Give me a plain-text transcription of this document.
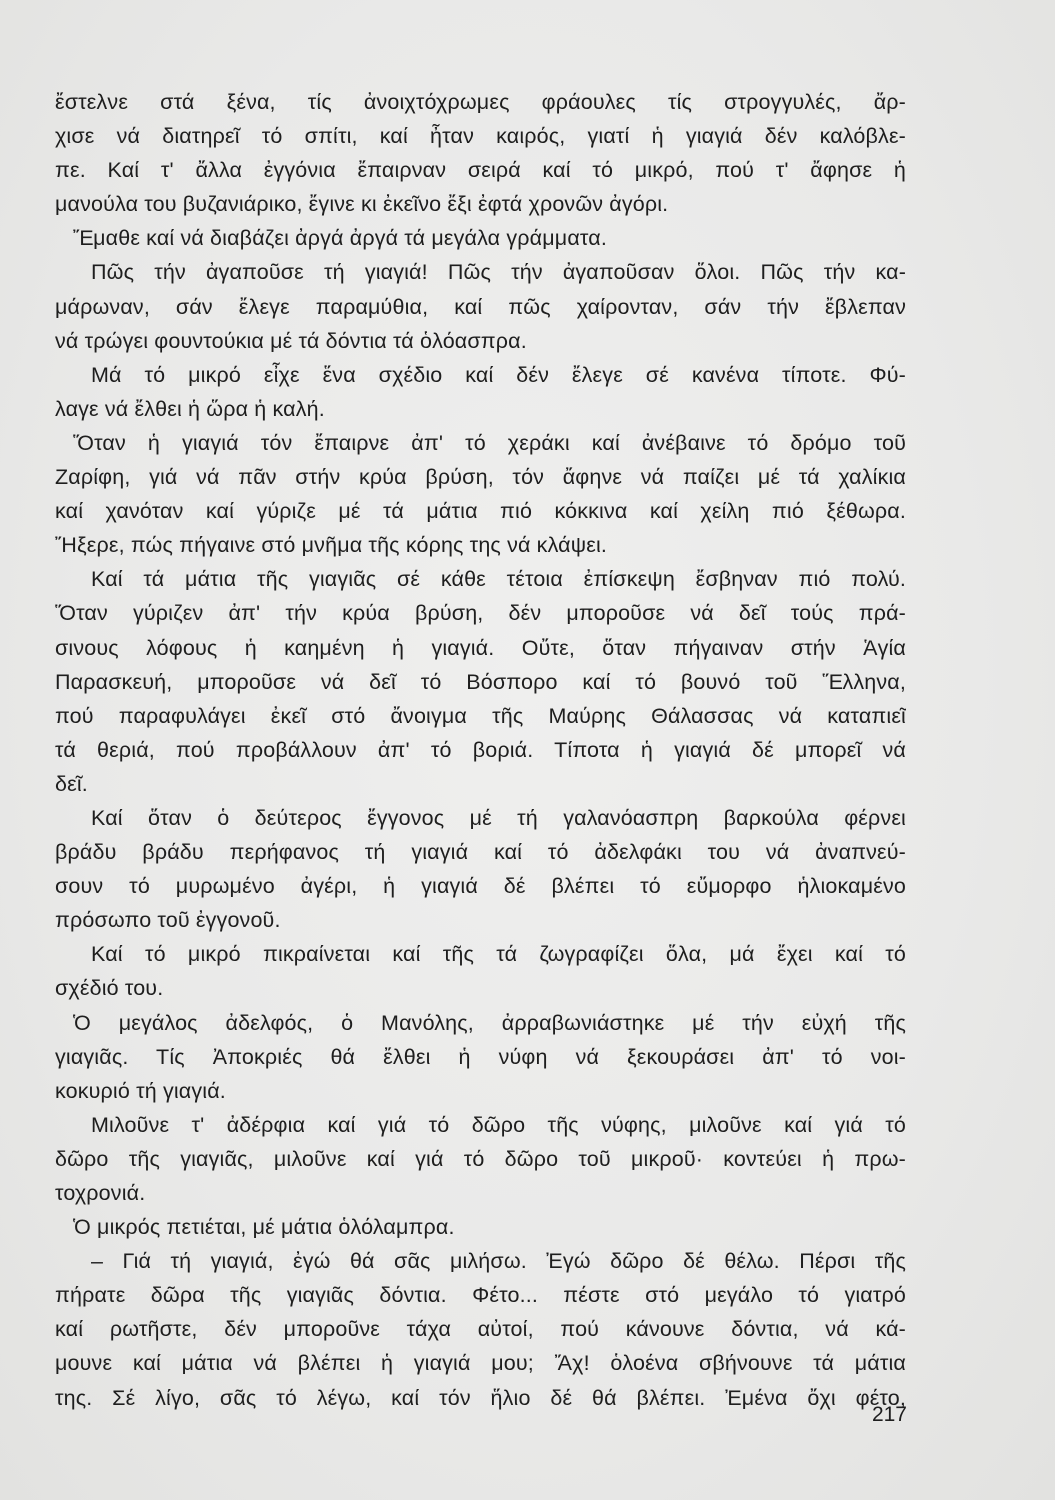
ἔστελνε στά ξένα, τίς ἀνοιχτόχρωμες φράουλες τίς στρογγυλές, ἄρ-
χισε νά διατηρεῖ τό σπίτι, καί ἦταν καιρός, γιατί ἡ γιαγιά δέν καλόβλε-
πε. Καί τ' ἄλλα ἐγγόνια ἔπαιρναν σειρά καί τό μικρό, πού τ' ἄφησε ἡ
μανούλα του βυζανιάρικο, ἔγινε κι ἐκεῖνο ἔξι ἐφτά χρονῶν ἀγόρι.
Ἔμαθε καί νά διαβάζει ἀργά ἀργά τά μεγάλα γράμματα.
Πῶς τήν ἀγαποῦσε τή γιαγιά! Πῶς τήν ἀγαποῦσαν ὅλοι. Πῶς τήν κα-
μάρωναν, σάν ἔλεγε παραμύθια, καί πῶς χαίρονταν, σάν τήν ἔβλεπαν
νά τρώγει φουντούκια μέ τά δόντια τά ὁλόασπρα.
Μά τό μικρό εἶχε ἕνα σχέδιο καί δέν ἔλεγε σέ κανένα τίποτε. Φύ-
λαγε νά ἔλθει ἡ ὥρα ἡ καλή.
Ὅταν ἡ γιαγιά τόν ἔπαιρνε ἀπ' τό χεράκι καί ἀνέβαινε τό δρόμο τοῦ
Ζαρίφη, γιά νά πᾶν στήν κρύα βρύση, τόν ἄφηνε νά παίζει μέ τά χαλίκια
καί χανόταν καί γύριζε μέ τά μάτια πιό κόκκινα καί χείλη πιό ξέθωρα.
Ἤξερε, πώς πήγαινε στό μνῆμα τῆς κόρης της νά κλάψει.
Καί τά μάτια τῆς γιαγιᾶς σέ κάθε τέτοια ἐπίσκεψη ἔσβηναν πιό πολύ.
Ὅταν γύριζεν ἀπ' τήν κρύα βρύση, δέν μποροῦσε νά δεῖ τούς πρά-
σινους λόφους ἡ καημένη ἡ γιαγιά. Οὔτε, ὅταν πήγαιναν στήν Ἁγία
Παρασκευή, μποροῦσε νά δεῖ τό Βόσπορο καί τό βουνό τοῦ Ἕλληνα,
πού παραφυλάγει ἐκεῖ στό ἄνοιγμα τῆς Μαύρης Θάλασσας νά καταπιεῖ
τά θεριά, πού προβάλλουν ἀπ' τό βοριά. Τίποτα ἡ γιαγιά δέ μπορεῖ νά
δεῖ.
Καί ὅταν ὁ δεύτερος ἔγγονος μέ τή γαλανόασπρη βαρκούλα φέρνει
βράδυ βράδυ περήφανος τή γιαγιά καί τό ἀδελφάκι του νά ἀναπνεύ-
σουν τό μυρωμένο ἀγέρι, ἡ γιαγιά δέ βλέπει τό εὔμορφο ἡλιοκαμένο
πρόσωπο τοῦ ἐγγονοῦ.
Καί τό μικρό πικραίνεται καί τῆς τά ζωγραφίζει ὅλα, μά ἔχει καί τό
σχέδιό του.
Ὁ μεγάλος ἀδελφός, ὁ Μανόλης, ἀρραβωνιάστηκε μέ τήν εὐχή τῆς
γιαγιᾶς. Τίς Ἀποκριές θά ἔλθει ἡ νύφη νά ξεκουράσει ἀπ' τό νοι-
κοκυριό τή γιαγιά.
Μιλοῦνε τ' ἀδέρφια καί γιά τό δῶρο τῆς νύφης, μιλοῦνε καί γιά τό
δῶρο τῆς γιαγιᾶς, μιλοῦνε καί γιά τό δῶρο τοῦ μικροῦ· κοντεύει ἡ πρω-
τοχρονιά.
Ὁ μικρός πετιέται, μέ μάτια ὁλόλαμπρα.
– Γιά τή γιαγιά, ἐγώ θά σᾶς μιλήσω. Ἐγώ δῶρο δέ θέλω. Πέρσι τῆς
πήρατε δῶρα τῆς γιαγιᾶς δόντια. Φέτο... πέστε στό μεγάλο τό γιατρό
καί ρωτῆστε, δέν μποροῦνε τάχα αὐτοί, πού κάνουνε δόντια, νά κά-
μουνε καί μάτια νά βλέπει ἡ γιαγιά μου; Ἄχ! ὁλοένα σβήνουνε τά μάτια
της. Σέ λίγο, σᾶς τό λέγω, καί τόν ἥλιο δέ θά βλέπει. Ἐμένα ὄχι φέτο,
217
